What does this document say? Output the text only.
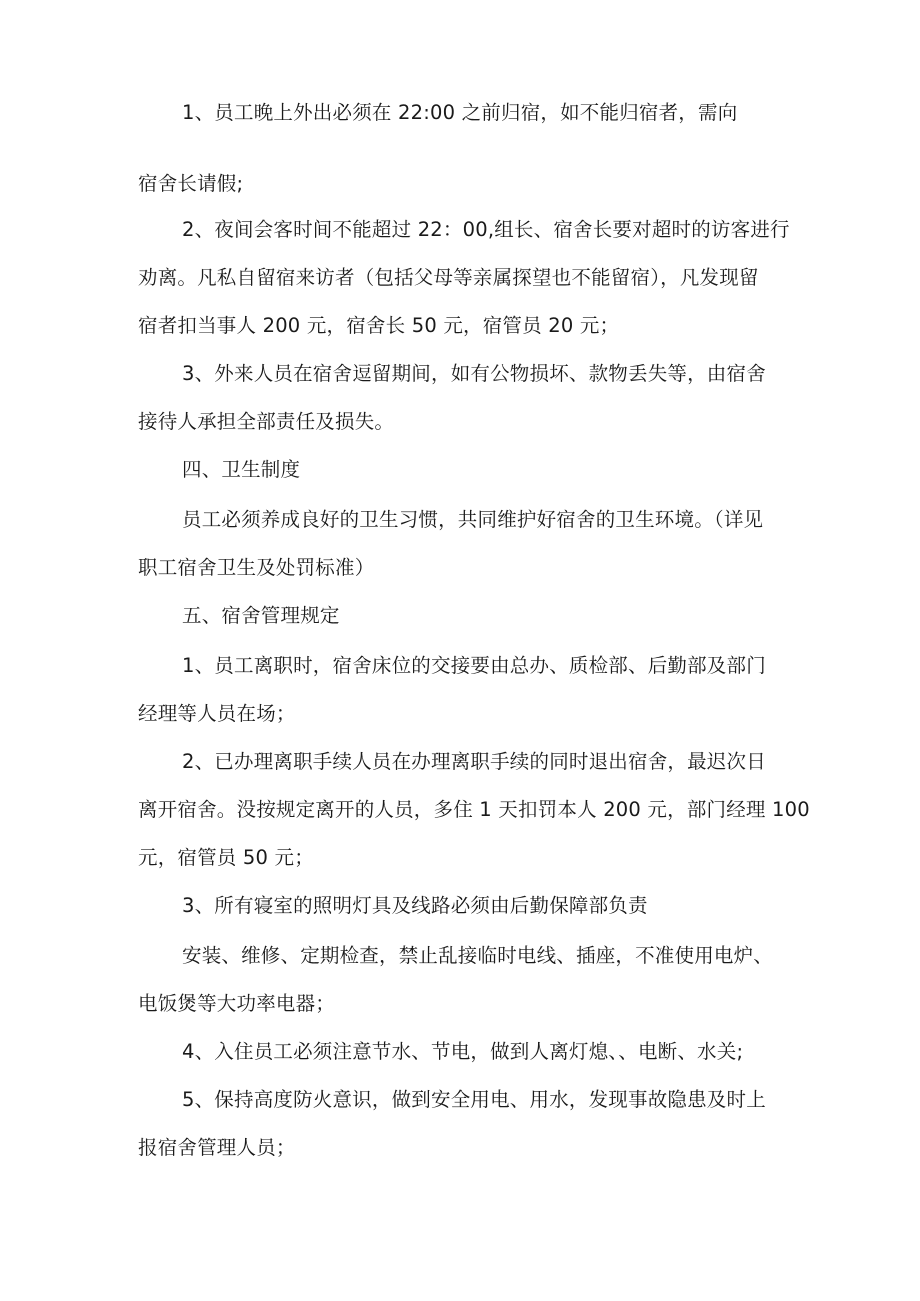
1、员工晚上外出必须在 22:00 之前归宿，如不能归宿者，需向
宿舍长请假;
2、夜间会客时间不能超过 22：00,组长、宿舍长要对超时的访客进行
劝离。凡私自留宿来访者（包括父母等亲属探望也不能留宿），凡发现留
宿者扣当事人 200 元，宿舍长 50 元，宿管员 20 元；
3、外来人员在宿舍逗留期间，如有公物损坏、款物丢失等，由宿舍
接待人承担全部责任及损失。
四、卫生制度
员工必须养成良好的卫生习惯，共同维护好宿舍的卫生环境。（详见
职工宿舍卫生及处罚标准）
五、宿舍管理规定
1、员工离职时，宿舍床位的交接要由总办、质检部、后勤部及部门
经理等人员在场；
2、已办理离职手续人员在办理离职手续的同时退出宿舍，最迟次日
离开宿舍。没按规定离开的人员，多住 1 天扣罚本人 200 元，部门经理 100
元，宿管员 50 元；
3、所有寝室的照明灯具及线路必须由后勤保障部负责
安装、维修、定期检查，禁止乱接临时电线、插座，不准使用电炉、
电饭煲等大功率电器；
4、入住员工必须注意节水、节电，做到人离灯熄、、电断、水关;
5、保持高度防火意识，做到安全用电、用水，发现事故隐患及时上
报宿舍管理人员；
